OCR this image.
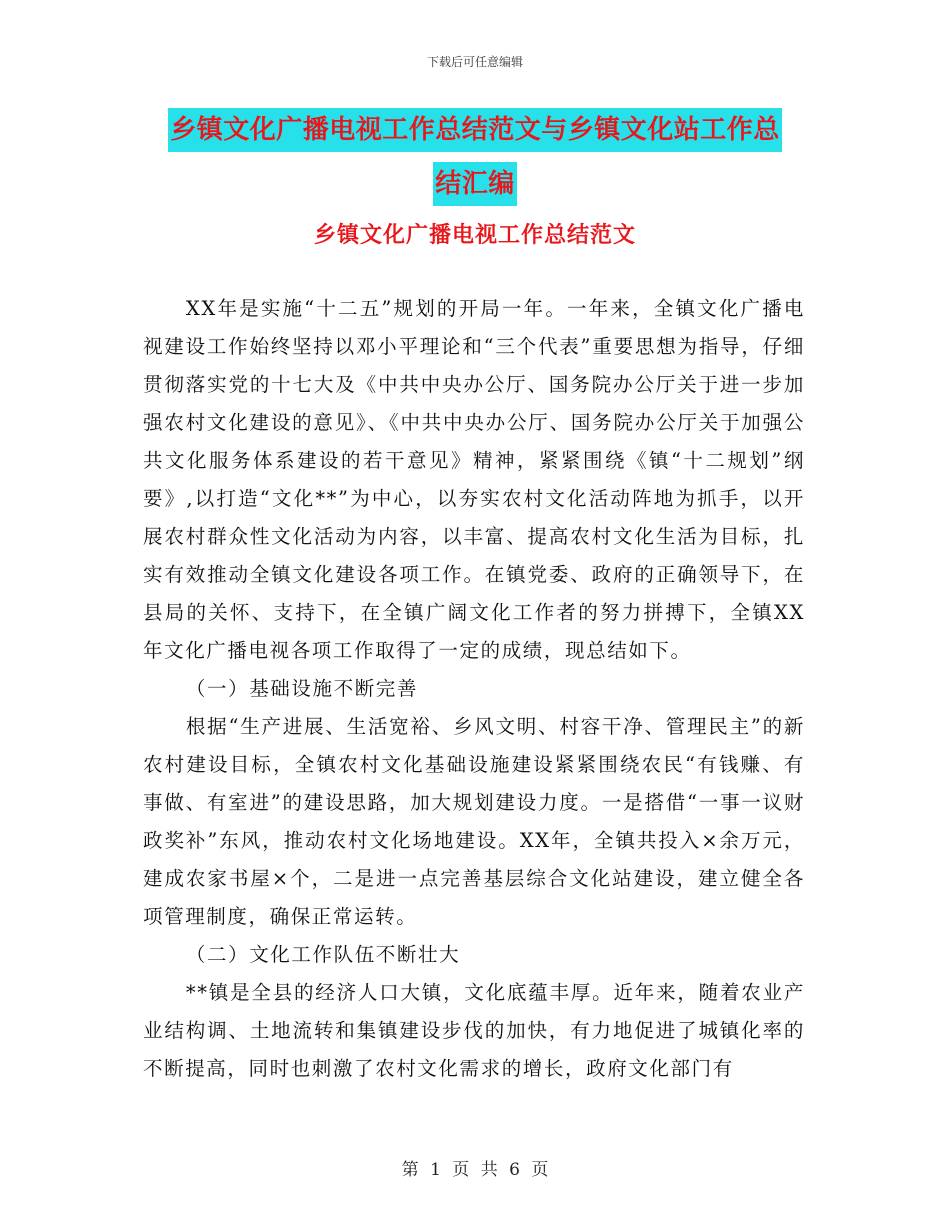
下载后可任意编辑
乡镇文化广播电视工作总结范文与乡镇文化站工作总
结汇编
乡镇文化广播电视工作总结范文

XX年是实施“十二五”规划的开局一年。一年来，全镇文化广播电视建设工作始终坚持以邓小平理论和“三个代表”重要思想为指导，仔细贯彻落实党的十七大及《中共中央办公厅、国务院办公厅关于进一步加强农村文化建设的意见》、《中共中央办公厅、国务院办公厅关于加强公共文化服务体系建设的若干意见》精神，紧紧围绕《镇“十二规划”纲要》,以打造“文化**”为中心，以夯实农村文化活动阵地为抓手，以开展农村群众性文化活动为内容，以丰富、提高农村文化生活为目标，扎实有效推动全镇文化建设各项工作。在镇党委、政府的正确领导下，在县局的关怀、支持下，在全镇广阔文化工作者的努力拼搏下，全镇XX年文化广播电视各项工作取得了一定的成绩，现总结如下。

（一）基础设施不断完善

根据“生产进展、生活宽裕、乡风文明、村容干净、管理民主”的新农村建设目标，全镇农村文化基础设施建设紧紧围绕农民“有钱赚、有事做、有室进”的建设思路，加大规划建设力度。一是搭借“一事一议财政奖补”东风，推动农村文化场地建设。XX年，全镇共投入×余万元，建成农家书屋×个，二是进一点完善基层综合文化站建设，建立健全各项管理制度，确保正常运转。

（二）文化工作队伍不断壮大

**镇是全县的经济人口大镇，文化底蕴丰厚。近年来，随着农业产业结构调、土地流转和集镇建设步伐的加快，有力地促进了城镇化率的不断提高，同时也刺激了农村文化需求的增长，政府文化部门有

第 1 页 共 6 页
